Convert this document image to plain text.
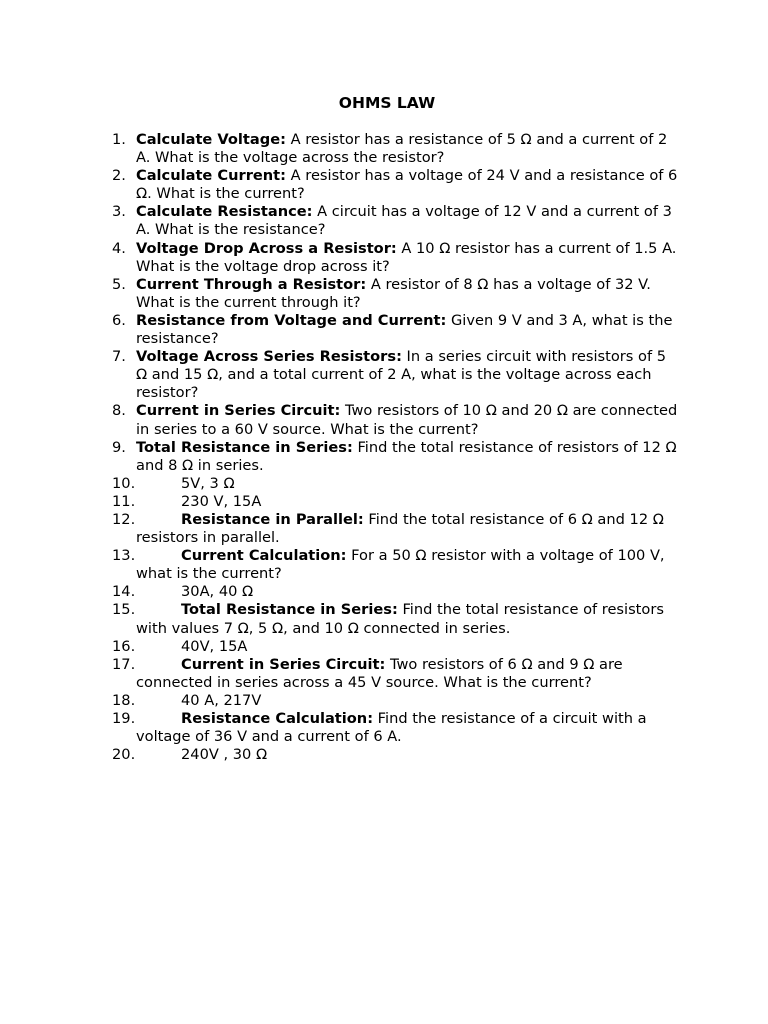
OHMS LAW
1. Calculate Voltage: A resistor has a resistance of 5 Ω and a current of 2 A. What is the voltage across the resistor?
2. Calculate Current: A resistor has a voltage of 24 V and a resistance of 6 Ω. What is the current?
3. Calculate Resistance: A circuit has a voltage of 12 V and a current of 3 A. What is the resistance?
4. Voltage Drop Across a Resistor: A 10 Ω resistor has a current of 1.5 A. What is the voltage drop across it?
5. Current Through a Resistor: A resistor of 8 Ω has a voltage of 32 V. What is the current through it?
6. Resistance from Voltage and Current: Given 9 V and 3 A, what is the resistance?
7. Voltage Across Series Resistors: In a series circuit with resistors of 5 Ω and 15 Ω, and a total current of 2 A, what is the voltage across each resistor?
8. Current in Series Circuit: Two resistors of 10 Ω and 20 Ω are connected in series to a 60 V source. What is the current?
9. Total Resistance in Series: Find the total resistance of resistors of 12 Ω and 8 Ω in series.
10.	5V, 3 Ω
11.	230 V, 15A
12.	Resistance in Parallel: Find the total resistance of 6 Ω and 12 Ω resistors in parallel.
13.	Current Calculation: For a 50 Ω resistor with a voltage of 100 V, what is the current?
14.	30A, 40 Ω
15.	Total Resistance in Series: Find the total resistance of resistors with values 7 Ω, 5 Ω, and 10 Ω connected in series.
16.	40V, 15A
17.	Current in Series Circuit: Two resistors of 6 Ω and 9 Ω are connected in series across a 45 V source. What is the current?
18.	40 A, 217V
19.	Resistance Calculation: Find the resistance of a circuit with a voltage of 36 V and a current of 6 A.
20.	240V , 30 Ω
